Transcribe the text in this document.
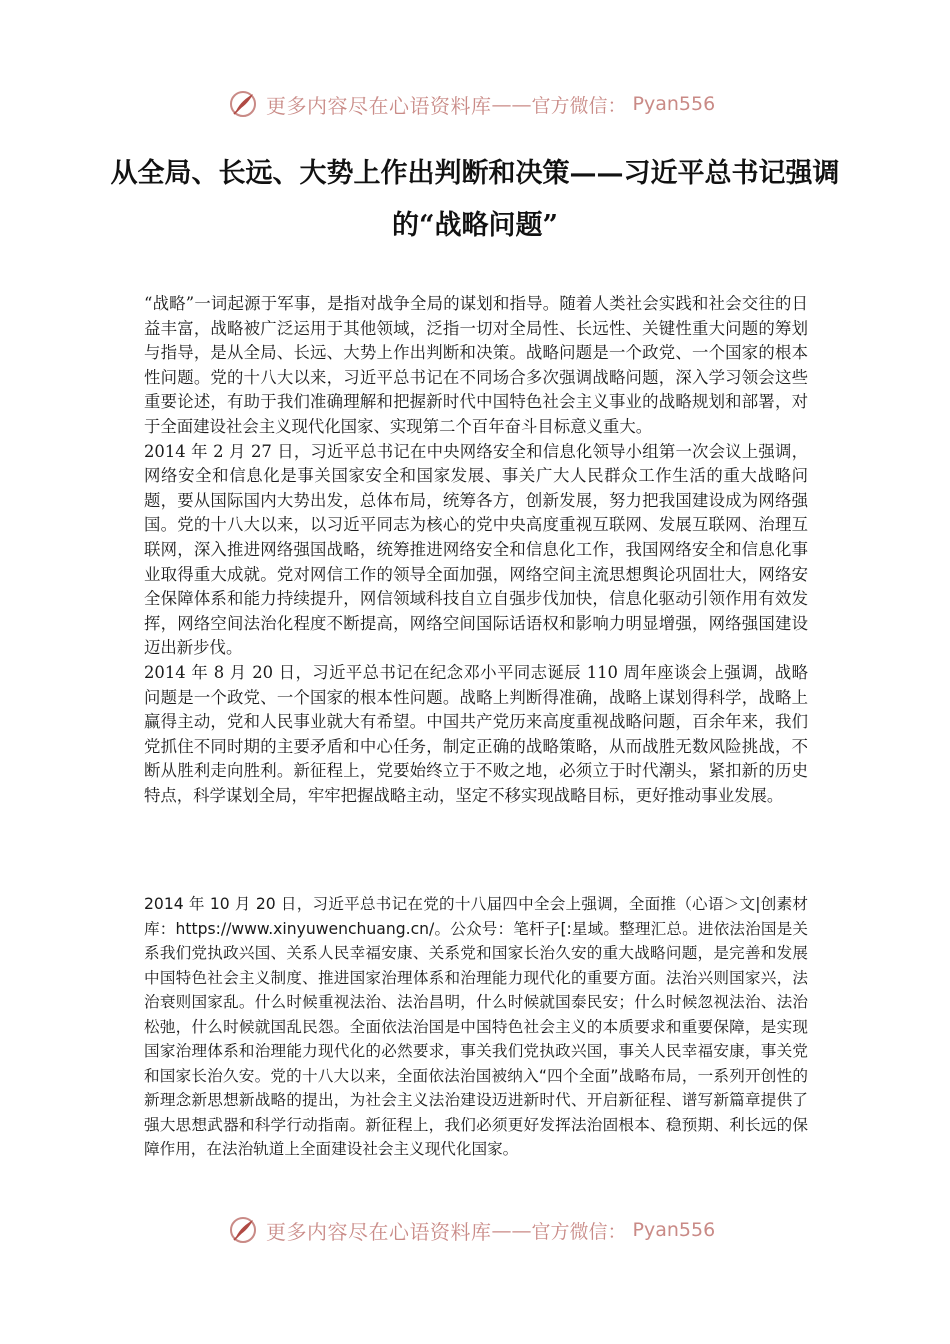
更多内容尽在心语资料库 —— 官方微信： Pyan556
从全局、长远、大势上作出判断和决策——习近平总书记强调的“战略问题”

“战略”一词起源于军事，是指对战争全局的谋划和指导。随着人类社会实践和社会交往的日益丰富，战略被广泛运用于其他领域，泛指一切对全局性、长远性、关键性重大问题的筹划与指导，是从全局、长远、大势上作出判断和决策。战略问题是一个政党、一个国家的根本性问题。党的十八大以来，习近平总书记在不同场合多次强调战略问题，深入学习领会这些重要论述，有助于我们准确理解和把握新时代中国特色社会主义事业的战略规划和部署，对于全面建设社会主义现代化国家、实现第二个百年奋斗目标意义重大。

2014 年 2 月 27 日，习近平总书记在中央网络安全和信息化领导小组第一次会议上强调，网络安全和信息化是事关国家安全和国家发展、事关广大人民群众工作生活的重大战略问题，要从国际国内大势出发，总体布局，统筹各方，创新发展，努力把我国建设成为网络强国。党的十八大以来，以习近平同志为核心的党中央高度重视互联网、发展互联网、治理互联网，深入推进网络强国战略，统筹推进网络安全和信息化工作，我国网络安全和信息化事业取得重大成就。党对网信工作的领导全面加强，网络空间主流思想舆论巩固壮大，网络安全保障体系和能力持续提升，网信领域科技自立自强步伐加快，信息化驱动引领作用有效发挥，网络空间法治化程度不断提高，网络空间国际话语权和影响力明显增强，网络强国建设迈出新步伐。

2014 年 8 月 20 日，习近平总书记在纪念邓小平同志诞辰 110 周年座谈会上强调，战略问题是一个政党、一个国家的根本性问题。战略上判断得准确，战略上谋划得科学，战略上赢得主动，党和人民事业就大有希望。中国共产党历来高度重视战略问题，百余年来，我们党抓住不同时期的主要矛盾和中心任务，制定正确的战略策略，从而战胜无数风险挑战，不断从胜利走向胜利。新征程上，党要始终立于不败之地，必须立于时代潮头，紧扣新的历史特点，科学谋划全局，牢牢把握战略主动，坚定不移实现战略目标，更好推动事业发展。

2014 年 10 月 20 日，习近平总书记在党的十八届四中全会上强调，全面推（心语＞文|创素材库：https://www.xinyuwenchuang.cn/。公众号：笔杆子[:星域。整理汇总。进依法治国是关系我们党执政兴国、关系人民幸福安康、关系党和国家长治久安的重大战略问题，是完善和发展中国特色社会主义制度、推进国家治理体系和治理能力现代化的重要方面。法治兴则国家兴，法治衰则国家乱。什么时候重视法治、法治昌明，什么时候就国泰民安；什么时候忽视法治、法治松弛，什么时候就国乱民怨。全面依法治国是中国特色社会主义的本质要求和重要保障，是实现国家治理体系和治理能力现代化的必然要求，事关我们党执政兴国，事关人民幸福安康，事关党和国家长治久安。党的十八大以来，全面依法治国被纳入“四个全面”战略布局，一系列开创性的新理念新思想新战略的提出，为社会主义法治建设迈进新时代、开启新征程、谱写新篇章提供了强大思想武器和科学行动指南。新征程上，我们必须更好发挥法治固根本、稳预期、利长远的保障作用，在法治轨道上全面建设社会主义现代化国家。

更多内容尽在心语资料库 —— 官方微信： Pyan556
